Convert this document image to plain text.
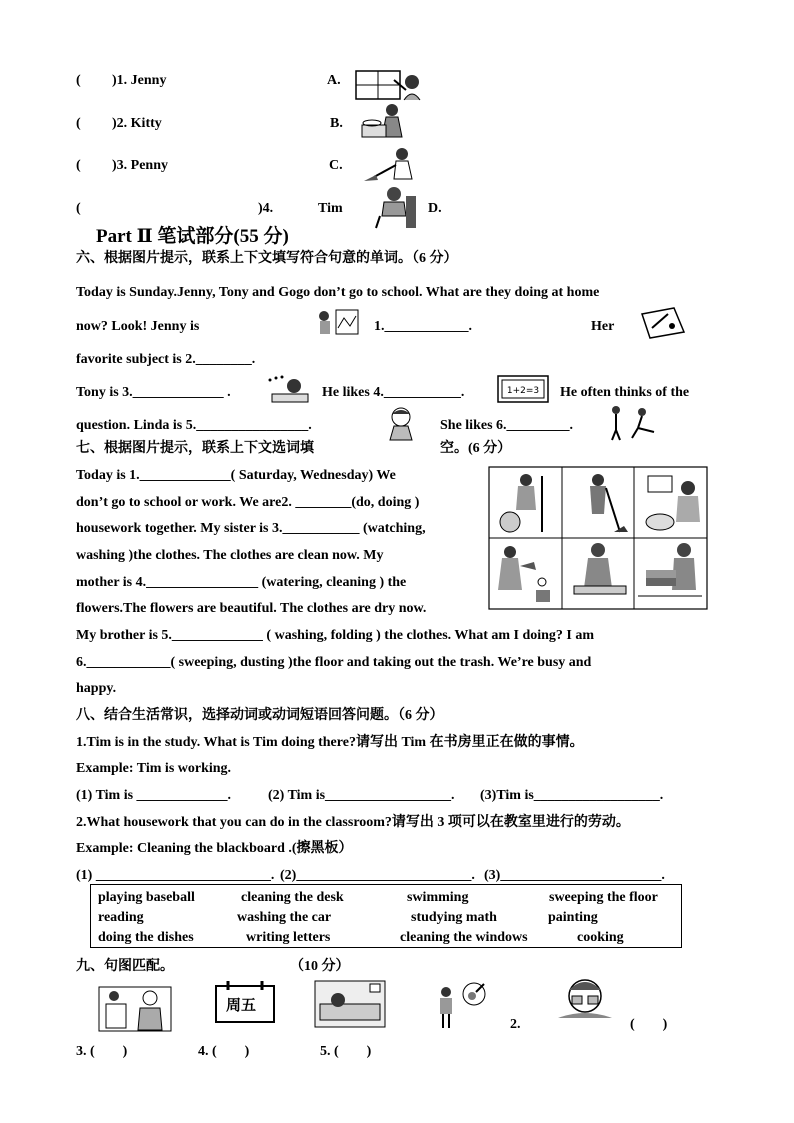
( )1. Jenny	A.
( )2. Kitty	B.
( )3. Penny	C.
(	)4.	Tim	D.
Part Ⅱ 笔试部分(55 分)
六、根据图片提示，联系上下文填写符合句意的单词。（6 分）
Today is Sunday.Jenny, Tony and Gogo don’t go to school. What are they doing at home
now? Look! Jenny is	1.____________.	Her
favorite subject is 2.________.
Tony is 3._____________ .	He likes 4.___________.	1+2=3 He often thinks of the
question. Linda is 5.________________.	She likes 6._________.
七、根据图片提示，联系上下文选词填	空。(6 分）
Today is 1._____________( Saturday, Wednesday) We
don’t go to school or work. We are2. ________(do, doing )
housework together. My sister is 3.___________ (watching,
washing )the clothes. The clothes are clean now. My
mother is 4.________________ (watering, cleaning ) the
flowers.The flowers are beautiful. The clothes are dry now.
My brother is 5._____________ ( washing, folding ) the clothes. What am I doing? I am
6.____________( sweeping, dusting )the floor and taking out the trash. We’re busy and
happy.
八、结合生活常识，选择动词或动词短语回答问题。（6 分）
1.Tim is in the study. What is Tim doing there?请写出 Tim 在书房里正在做的事情。
Example: Tim is working.
(1) Tim is _____________.	(2) Tim is__________________. (3)Tim is__________________.
2.What housework that you can do in the classroom?请写出 3 项可以在教室里进行的劳动。
Example: Cleaning the blackboard .(擦黑板）
(1) _________________________. (2)_________________________. (3)_______________________.
playing baseball	cleaning the desk	swimming	sweeping the floor
reading	washing the car	studying math	painting
doing the dishes	writing letters	cleaning the windows	cooking
九、句图匹配。	（10 分）
周五
2.	(　　)
3. (　　)	4. (　　)	5. (　　)
